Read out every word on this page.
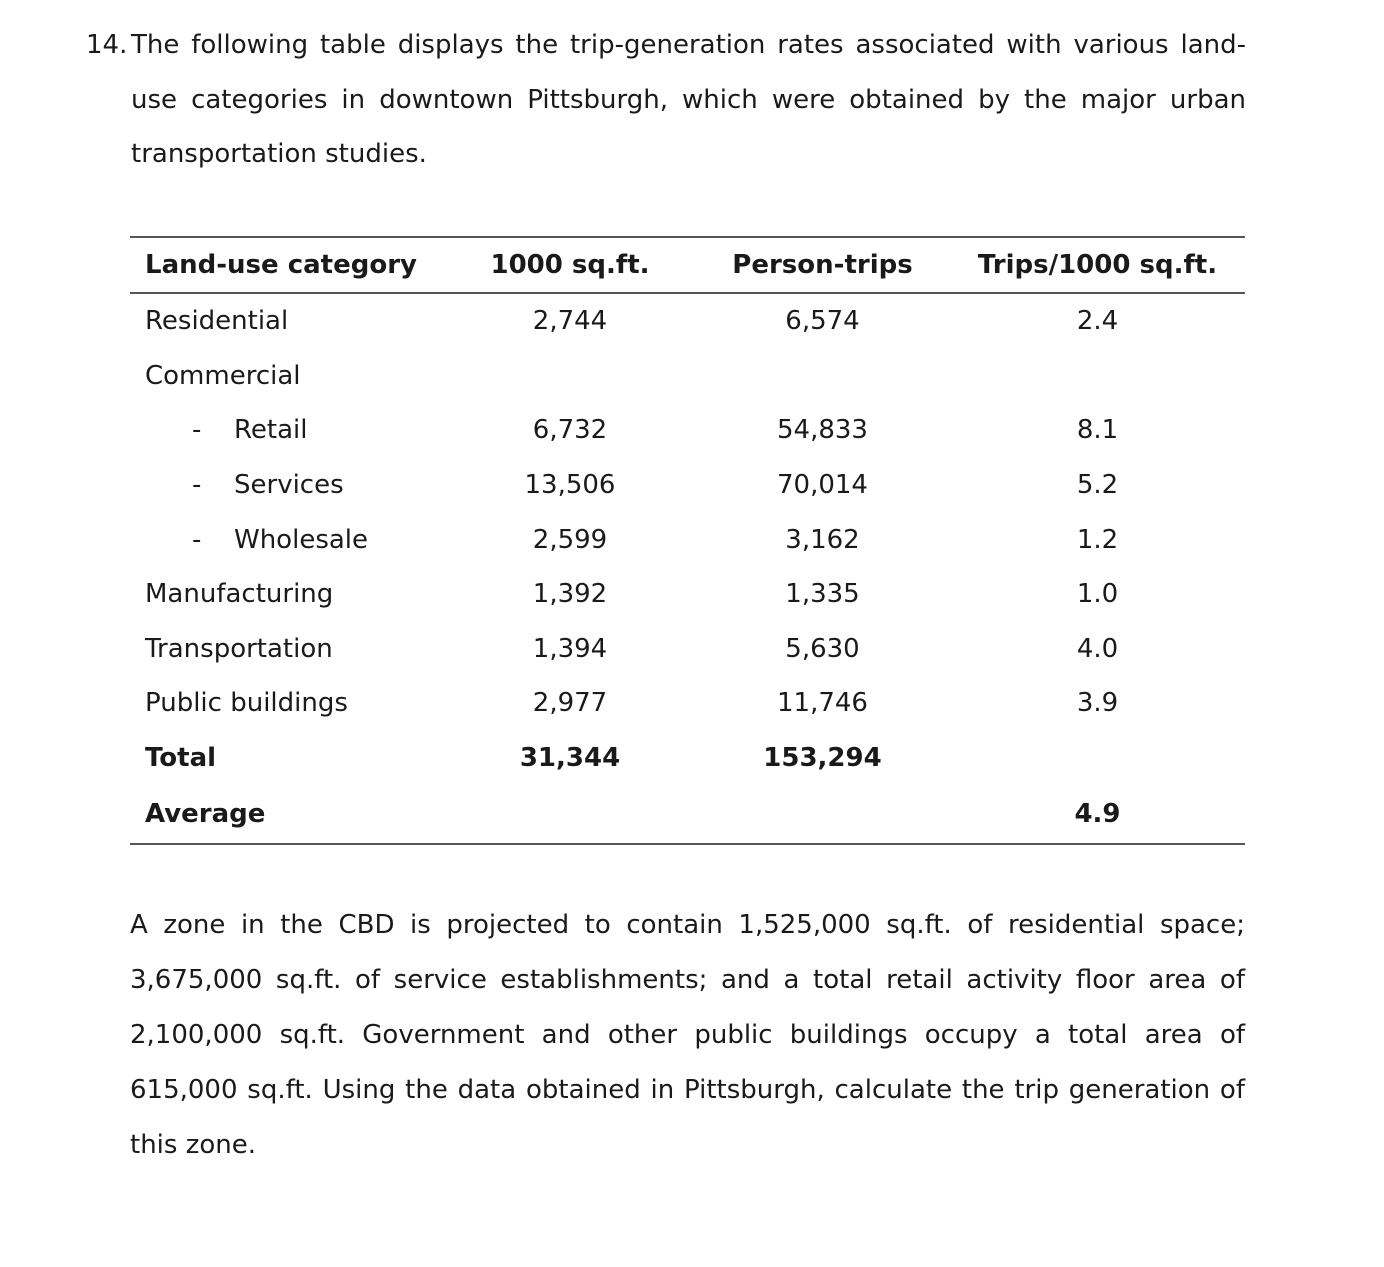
14. The following table displays the trip-generation rates associated with various land-use categories in downtown Pittsburgh, which were obtained by the major urban transportation studies.
Land-use category	1000 sq.ft.	Person-trips	Trips/1000 sq.ft.
Residential	2,744	6,574	2.4
Commercial			
- Retail	6,732	54,833	8.1
- Services	13,506	70,014	5.2
- Wholesale	2,599	3,162	1.2
Manufacturing	1,392	1,335	1.0
Transportation	1,394	5,630	4.0
Public buildings	2,977	11,746	3.9
Total	31,344	153,294	
Average			4.9
A zone in the CBD is projected to contain 1,525,000 sq.ft. of residential space; 3,675,000 sq.ft. of service establishments; and a total retail activity floor area of 2,100,000 sq.ft. Government and other public buildings occupy a total area of 615,000 sq.ft. Using the data obtained in Pittsburgh, calculate the trip generation of this zone.
